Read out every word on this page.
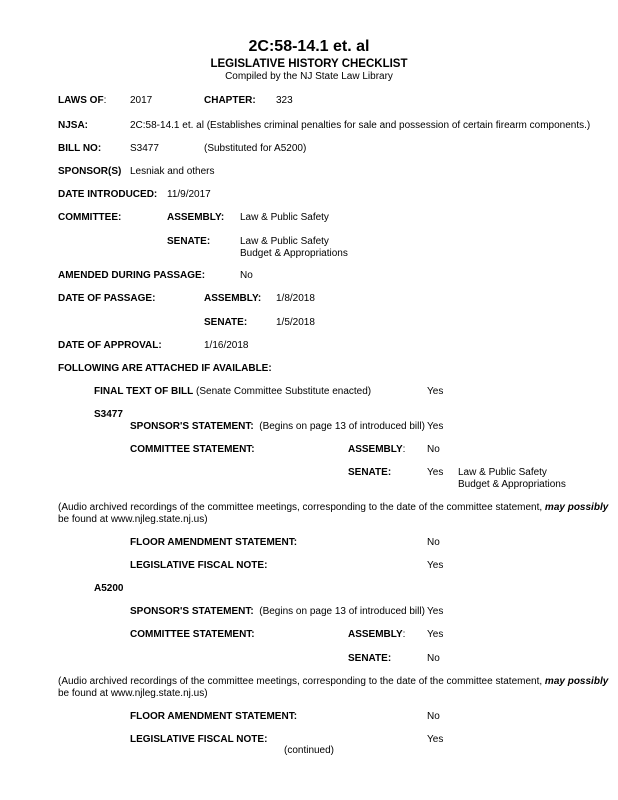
2C:58-14.1 et. al
LEGISLATIVE HISTORY CHECKLIST
Compiled by the NJ State Law Library
LAWS OF: 2017	CHAPTER: 323
NJSA:	2C:58-14.1 et. al (Establishes criminal penalties for sale and possession of certain firearm components.)
BILL NO:	S3477	(Substituted for A5200)
SPONSOR(S) Lesniak and others
DATE INTRODUCED: 11/9/2017
COMMITTEE:	ASSEMBLY: Law & Public Safety
SENATE:	Law & Public Safety
Budget & Appropriations
AMENDED DURING PASSAGE:	No
DATE OF PASSAGE:	ASSEMBLY: 1/8/2018
SENATE:	1/5/2018
DATE OF APPROVAL:	1/16/2018
FOLLOWING ARE ATTACHED IF AVAILABLE:
FINAL TEXT OF BILL (Senate Committee Substitute enacted)	Yes
S3477
SPONSOR'S STATEMENT: (Begins on page 13 of introduced bill) Yes
COMMITTEE STATEMENT:	ASSEMBLY: No
SENATE:	Yes Law & Public Safety
Budget & Appropriations
(Audio archived recordings of the committee meetings, corresponding to the date of the committee statement, may possibly
be found at www.njleg.state.nj.us)
FLOOR AMENDMENT STATEMENT:	No
LEGISLATIVE FISCAL NOTE:	Yes
A5200
SPONSOR'S STATEMENT: (Begins on page 13 of introduced bill) Yes
COMMITTEE STATEMENT:	ASSEMBLY: Yes
SENATE:	No
(Audio archived recordings of the committee meetings, corresponding to the date of the committee statement, may possibly
be found at www.njleg.state.nj.us)
FLOOR AMENDMENT STATEMENT:	No
LEGISLATIVE FISCAL NOTE:	Yes
(continued)
